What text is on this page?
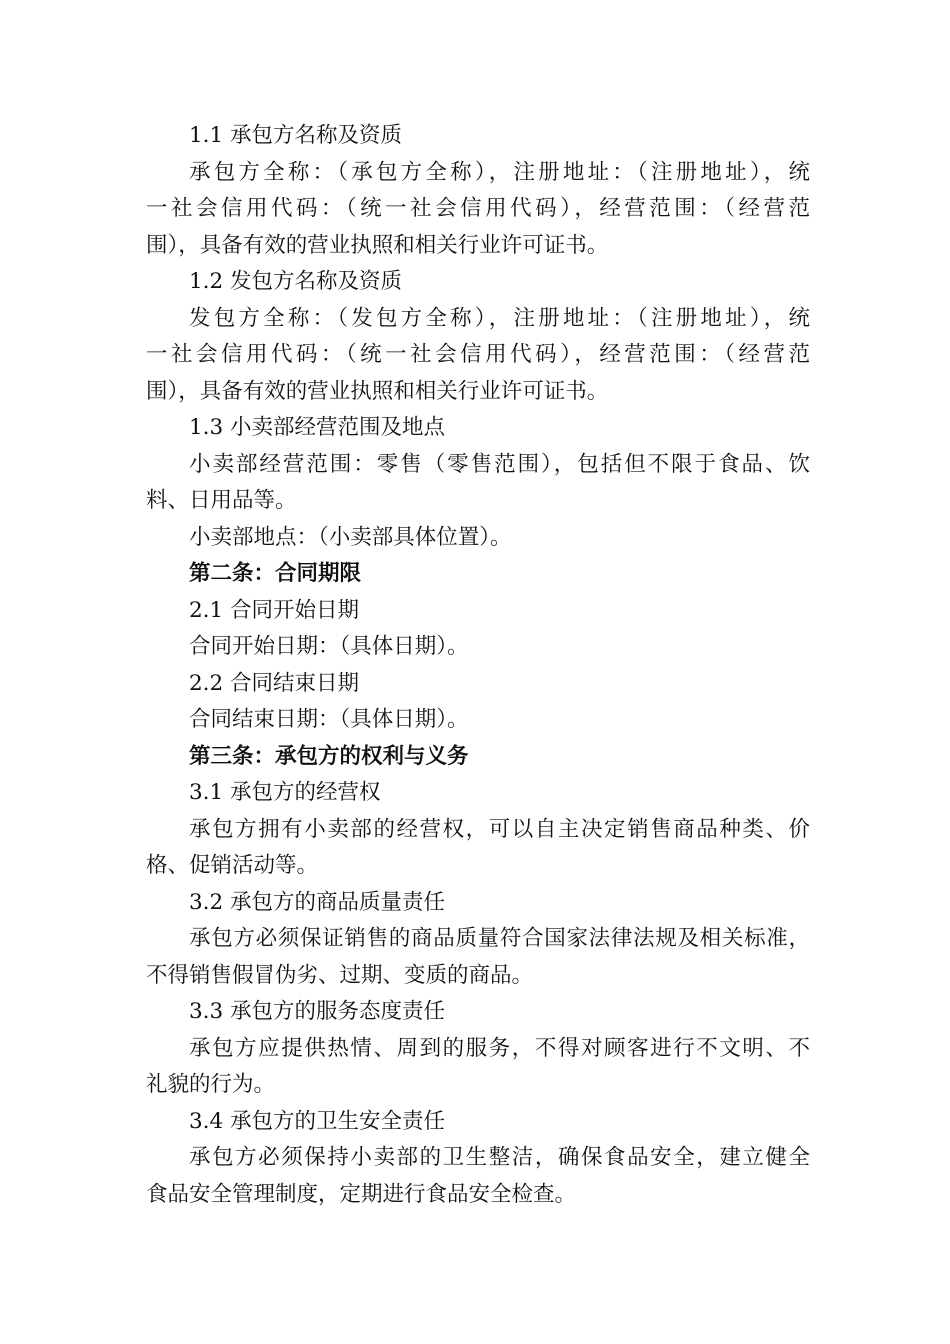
1.1 承包方名称及资质
承包方全称：（承包方全称），注册地址：（注册地址），统
一社会信用代码：（统一社会信用代码），经营范围：（经营范
围），具备有效的营业执照和相关行业许可证书。
1.2 发包方名称及资质
发包方全称：（发包方全称），注册地址：（注册地址），统
一社会信用代码：（统一社会信用代码），经营范围：（经营范
围），具备有效的营业执照和相关行业许可证书。
1.3 小卖部经营范围及地点
小卖部经营范围：零售（零售范围），包括但不限于食品、饮
料、日用品等。
小卖部地点：（小卖部具体位置）。
第二条：合同期限
2.1 合同开始日期
合同开始日期：（具体日期）。
2.2 合同结束日期
合同结束日期：（具体日期）。
第三条：承包方的权利与义务
3.1 承包方的经营权
承包方拥有小卖部的经营权，可以自主决定销售商品种类、价
格、促销活动等。
3.2 承包方的商品质量责任
承包方必须保证销售的商品质量符合国家法律法规及相关标准，
不得销售假冒伪劣、过期、变质的商品。
3.3 承包方的服务态度责任
承包方应提供热情、周到的服务，不得对顾客进行不文明、不
礼貌的行为。
3.4 承包方的卫生安全责任
承包方必须保持小卖部的卫生整洁，确保食品安全，建立健全
食品安全管理制度，定期进行食品安全检查。
